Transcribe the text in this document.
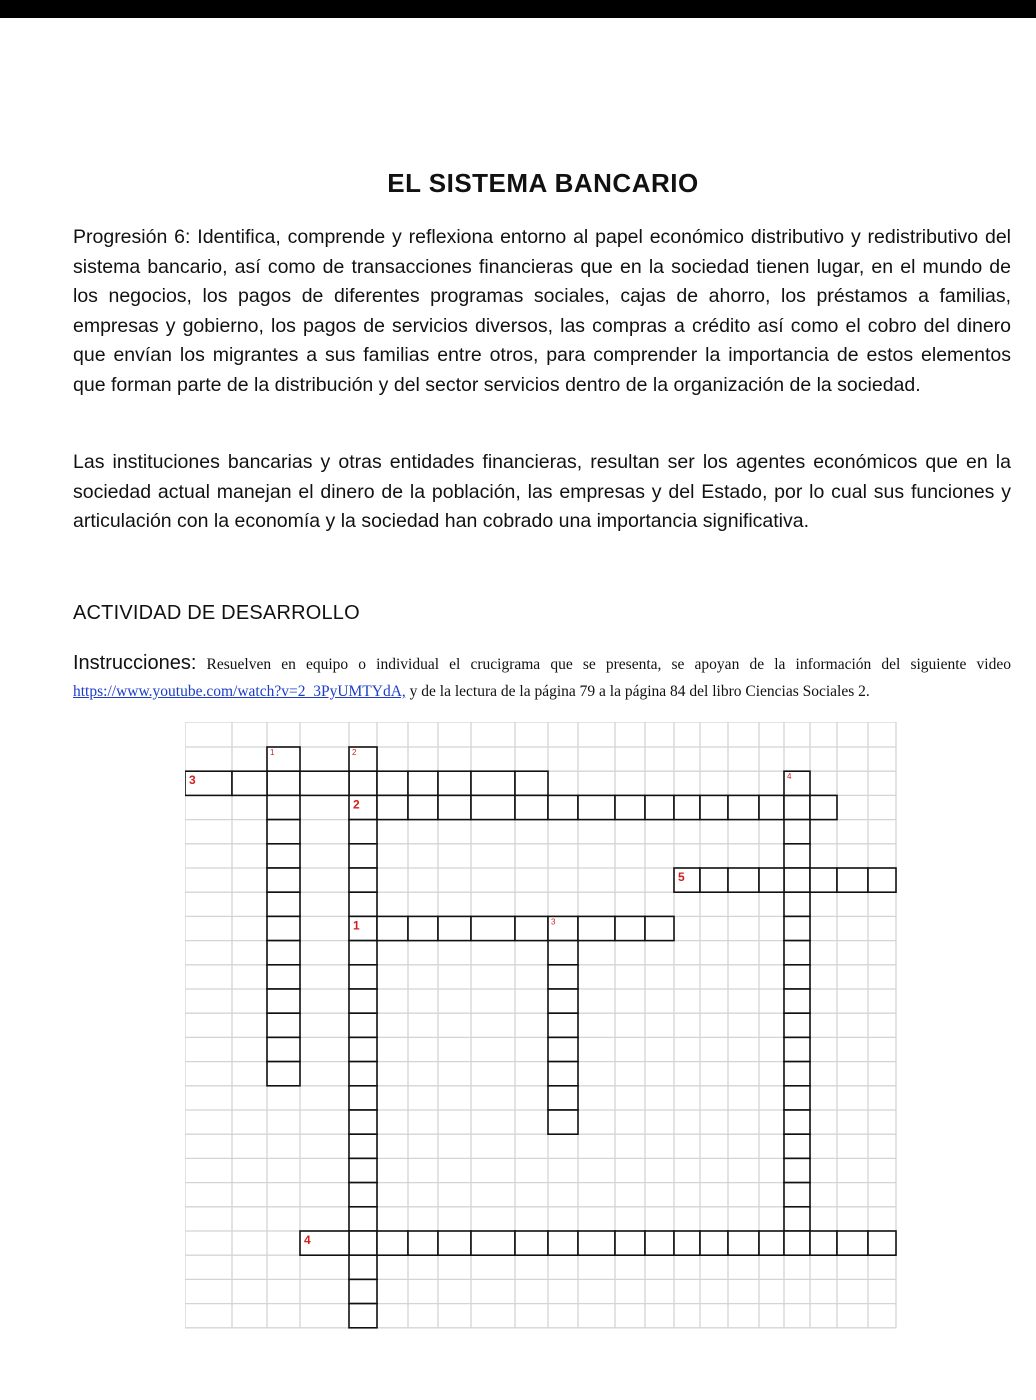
EL SISTEMA BANCARIO

Progresión 6: Identifica, comprende y reflexiona entorno al papel económico distributivo y redistributivo del sistema bancario, así como de transacciones financieras que en la sociedad tienen lugar, en el mundo de los negocios, los pagos de diferentes programas sociales, cajas de ahorro, los préstamos a familias, empresas y gobierno, los pagos de servicios diversos, las compras a crédito así como el cobro del dinero que envían los migrantes a sus familias entre otros, para comprender la importancia de estos elementos que forman parte de la distribución y del sector servicios dentro de la organización de la sociedad.

Las instituciones bancarias y otras entidades financieras, resultan ser los agentes económicos que en la sociedad actual manejan el dinero de la población, las empresas y del Estado, por lo cual sus funciones y articulación con la economía y la sociedad han cobrado una importancia significativa.

ACTIVIDAD DE DESARROLLO

Instrucciones: Resuelven en equipo o individual el crucigrama que se presenta, se apoyan de la información del siguiente video https://www.youtube.com/watch?v=2_3PyUMTYdA, y de la lectura de la página 79 a la página 84 del libro Ciencias Sociales 2.

1	2
3
2
4
5
1	3
4
